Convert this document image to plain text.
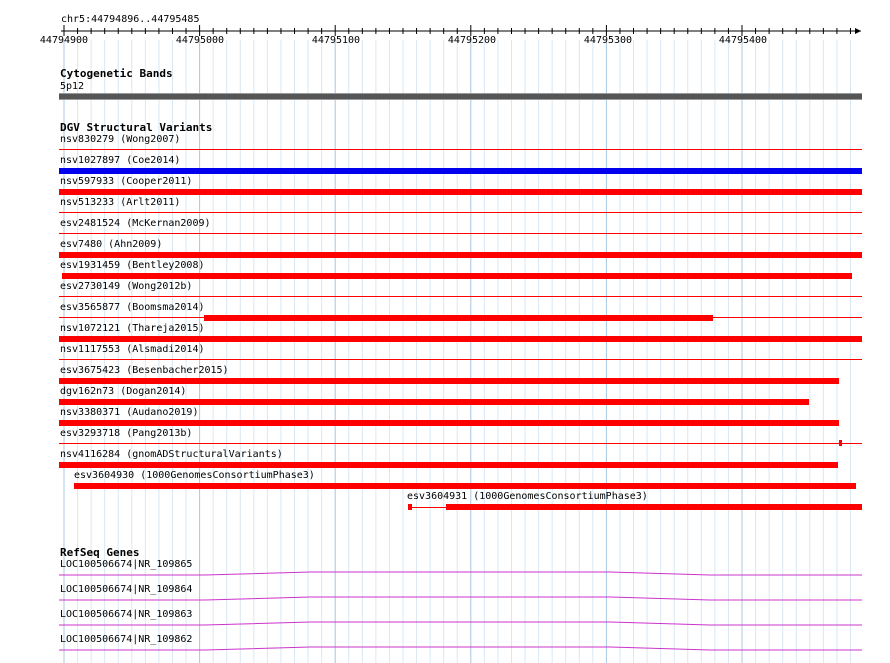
chr5:44794896..44795485
44794900	44795000	44795100	44795200	44795300	44795400
Cytogenetic Bands
5p12
DGV Structural Variants
nsv830279 (Wong2007)
nsv1027897 (Coe2014)
nsv597933 (Cooper2011)
nsv513233 (Arlt2011)
esv2481524 (McKernan2009)
esv7480 (Ahn2009)
esv1931459 (Bentley2008)
esv2730149 (Wong2012b)
esv3565877 (Boomsma2014)
nsv1072121 (Thareja2015)
nsv1117553 (Alsmadi2014)
esv3675423 (Besenbacher2015)
dgv162n73 (Dogan2014)
nsv3380371 (Audano2019)
esv3293718 (Pang2013b)
nsv4116284 (gnomADStructuralVariants)
esv3604930 (1000GenomesConsortiumPhase3)
esv3604931 (1000GenomesConsortiumPhase3)
RefSeq Genes
LOC100506674|NR_109865
LOC100506674|NR_109864
LOC100506674|NR_109863
LOC100506674|NR_109862
